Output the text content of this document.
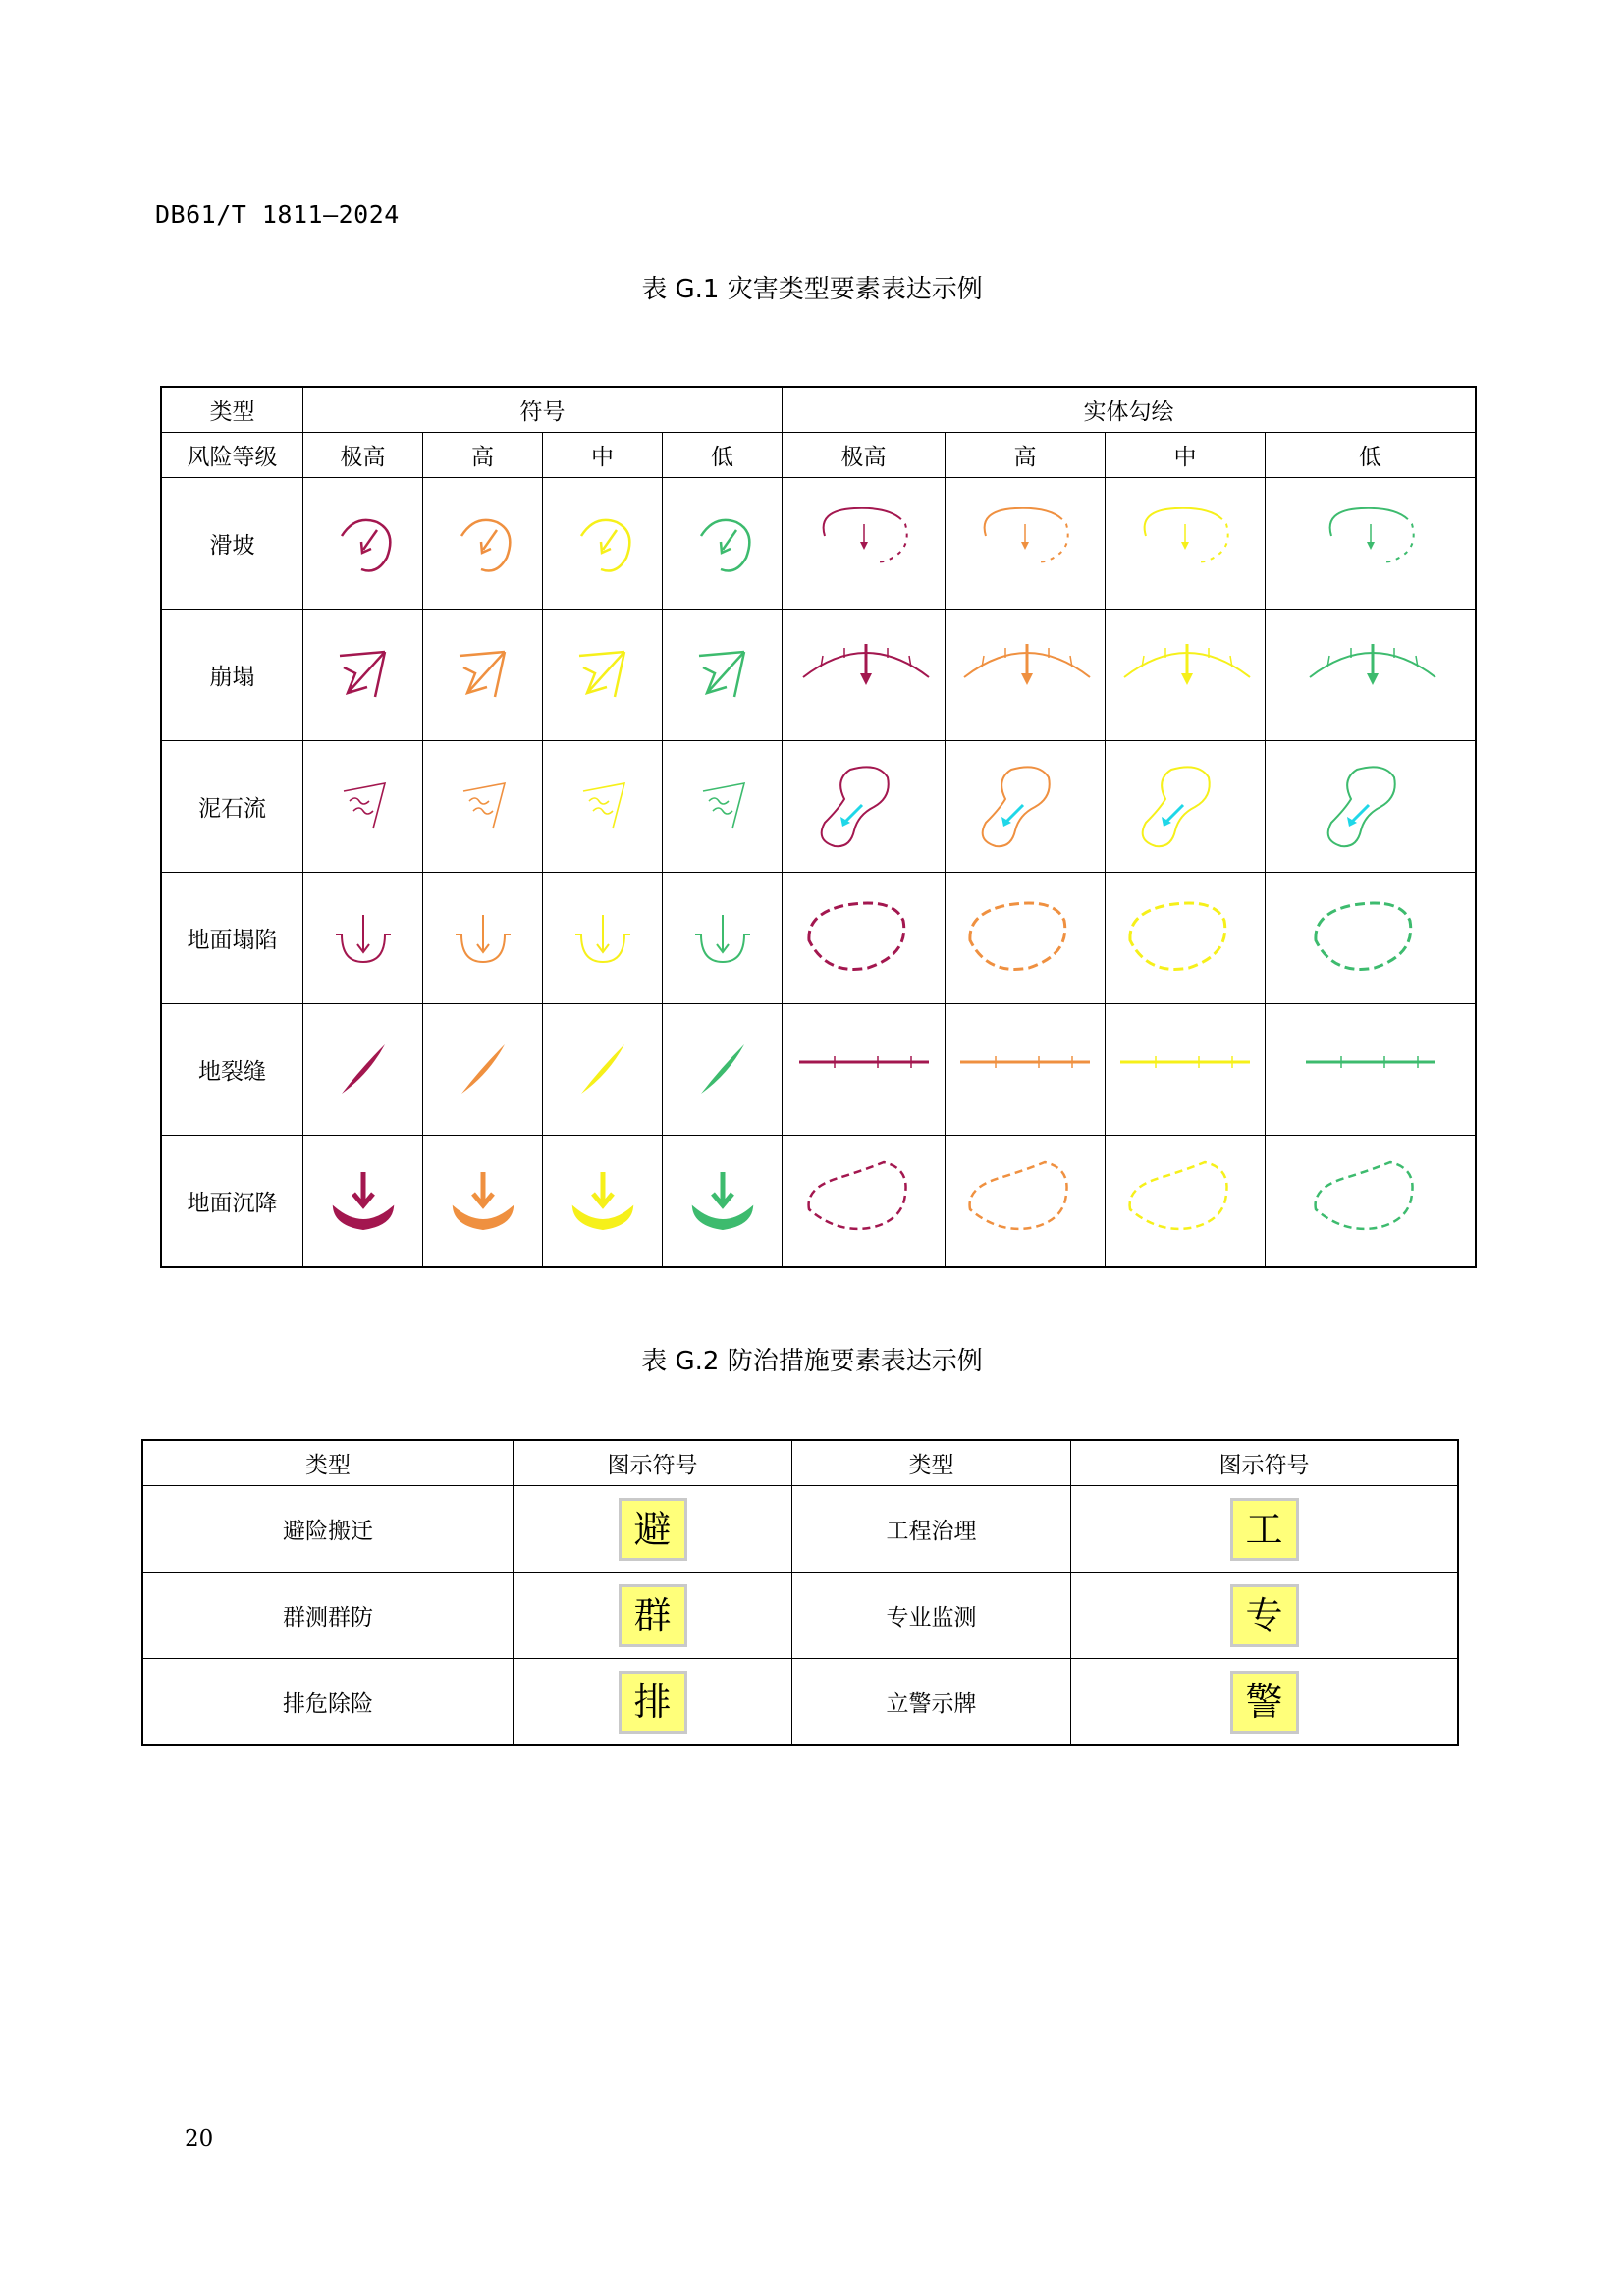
DB61/T 1811—2024
表 G.1 灾害类型要素表达示例
类型	符号				实体勾绘			
风险等级	极高	高	中	低	极高	高	中	低
滑坡	

崩塌	

泥石流	

地面塌陷	

地裂缝	

地面沉降	

表 G.2 防治措施要素表达示例
类型	图示符号	类型	图示符号
避险搬迁	避	工程治理	工
群测群防	群	专业监测	专
排危除险	排	立警示牌	警
20
